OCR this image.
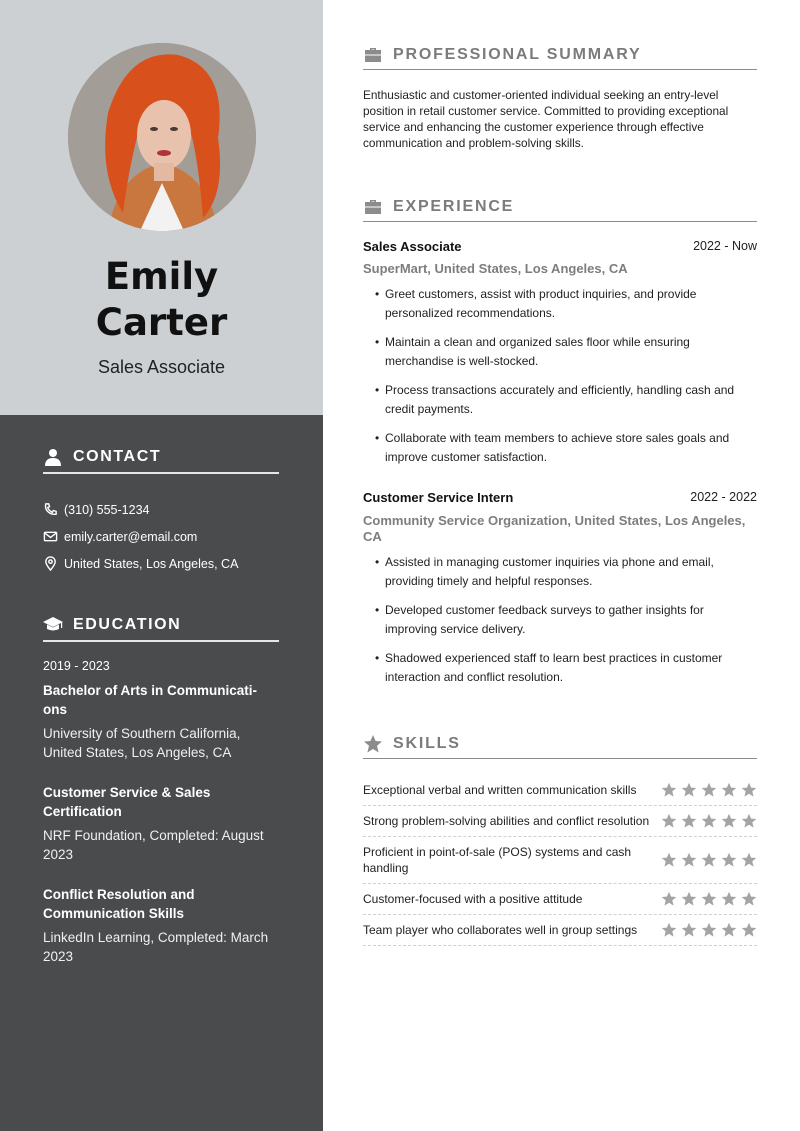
Emily
Carter
Sales Associate
CONTACT
(310) 555-1234
emily.carter@email.com
United States, Los Angeles, CA
EDUCATION
2019 - 2023
Bachelor of Arts in Communicati-
ons
University of Southern California,
United States, Los Angeles, CA
Customer Service & Sales
Certification
NRF Foundation, Completed: August
2023
Conflict Resolution and
Communication Skills
LinkedIn Learning, Completed: March
2023
PROFESSIONAL SUMMARY
Enthusiastic and customer-oriented individual seeking an entry-level position in retail customer service. Committed to providing exceptional service and enhancing the customer experience through effective communication and problem-solving skills.
EXPERIENCE
Sales Associate	2022 - Now
SuperMart, United States, Los Angeles, CA
• Greet customers, assist with product inquiries, and provide personalized recommendations.
• Maintain a clean and organized sales floor while ensuring merchandise is well-stocked.
• Process transactions accurately and efficiently, handling cash and credit payments.
• Collaborate with team members to achieve store sales goals and improve customer satisfaction.
Customer Service Intern	2022 - 2022
Community Service Organization, United States, Los Angeles, CA
• Assisted in managing customer inquiries via phone and email, providing timely and helpful responses.
• Developed customer feedback surveys to gather insights for improving service delivery.
• Shadowed experienced staff to learn best practices in customer interaction and conflict resolution.
SKILLS
Exceptional verbal and written communication skills
Strong problem-solving abilities and conflict resolution
Proficient in point-of-sale (POS) systems and cash handling
Customer-focused with a positive attitude
Team player who collaborates well in group settings
